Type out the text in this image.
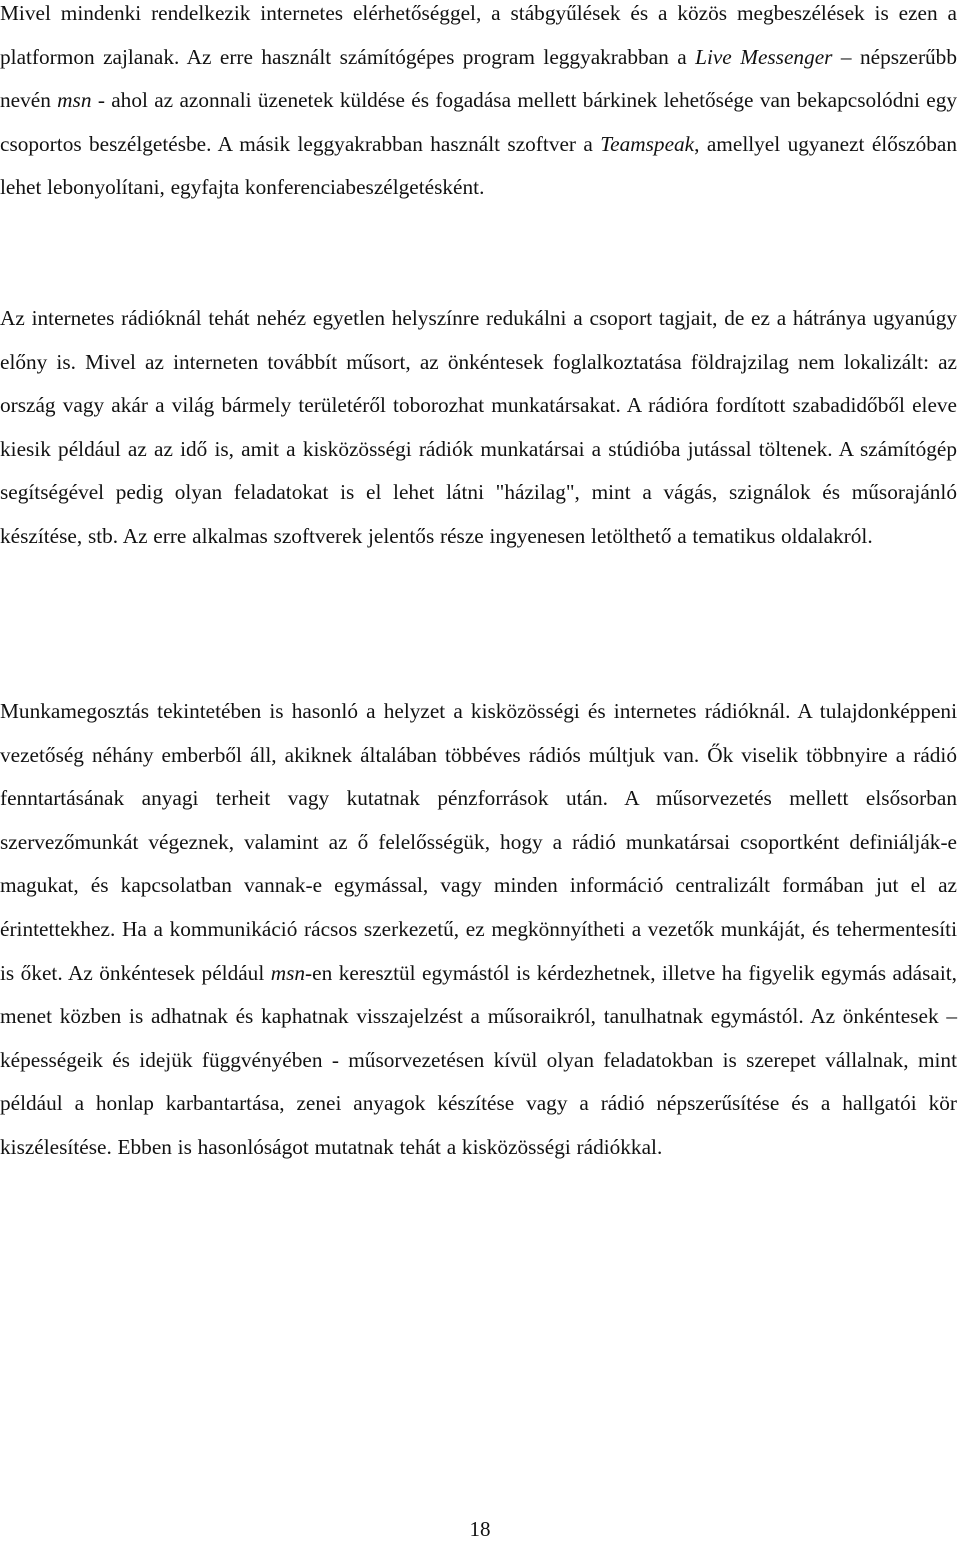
Mivel mindenki rendelkezik internetes elérhetőséggel, a stábgyűlések és a közös megbeszélések is ezen a platformon zajlanak. Az erre használt számítógépes program leggyakrabban a Live Messenger – népszerűbb nevén msn - ahol az azonnali üzenetek küldése és fogadása mellett bárkinek lehetősége van bekapcsolódni egy csoportos beszélgetésbe. A másik leggyakrabban használt szoftver a Teamspeak, amellyel ugyanezt élőszóban lehet lebonyolítani, egyfajta konferenciabeszélgetésként.

Az internetes rádióknál tehát nehéz egyetlen helyszínre redukálni a csoport tagjait, de ez a hátránya ugyanúgy előny is. Mivel az interneten továbbít műsort, az önkéntesek foglalkoztatása földrajzilag nem lokalizált: az ország vagy akár a világ bármely területéről toborozhat munkatársakat. A rádióra fordított szabadidőből eleve kiesik például az az idő is, amit a kisközösségi rádiók munkatársai a stúdióba jutással töltenek. A számítógép segítségével pedig olyan feladatokat is el lehet látni "házilag", mint a vágás, szignálok és műsorajánló készítése, stb. Az erre alkalmas szoftverek jelentős része ingyenesen letölthető a tematikus oldalakról.

Munkamegosztás tekintetében is hasonló a helyzet a kisközösségi és internetes rádióknál. A tulajdonképpeni vezetőség néhány emberből áll, akiknek általában többéves rádiós múltjuk van. Ők viselik többnyire a rádió fenntartásának anyagi terheit vagy kutatnak pénzforrások után. A műsorvezetés mellett elsősorban szervezőmunkát végeznek, valamint az ő felelősségük, hogy a rádió munkatársai csoportként definiálják-e magukat, és kapcsolatban vannak-e egymással, vagy minden információ centralizált formában jut el az érintettekhez. Ha a kommunikáció rácsos szerkezetű, ez megkönnyítheti a vezetők munkáját, és tehermentesíti is őket. Az önkéntesek például msn-en keresztül egymástól is kérdezhetnek, illetve ha figyelik egymás adásait, menet közben is adhatnak és kaphatnak visszajelzést a műsoraikról, tanulhatnak egymástól. Az önkéntesek – képességeik és idejük függvényében - műsorvezetésen kívül olyan feladatokban is szerepet vállalnak, mint például a honlap karbantartása, zenei anyagok készítése vagy a rádió népszerűsítése és a hallgatói kör kiszélesítése. Ebben is hasonlóságot mutatnak tehát a kisközösségi rádiókkal.

18
